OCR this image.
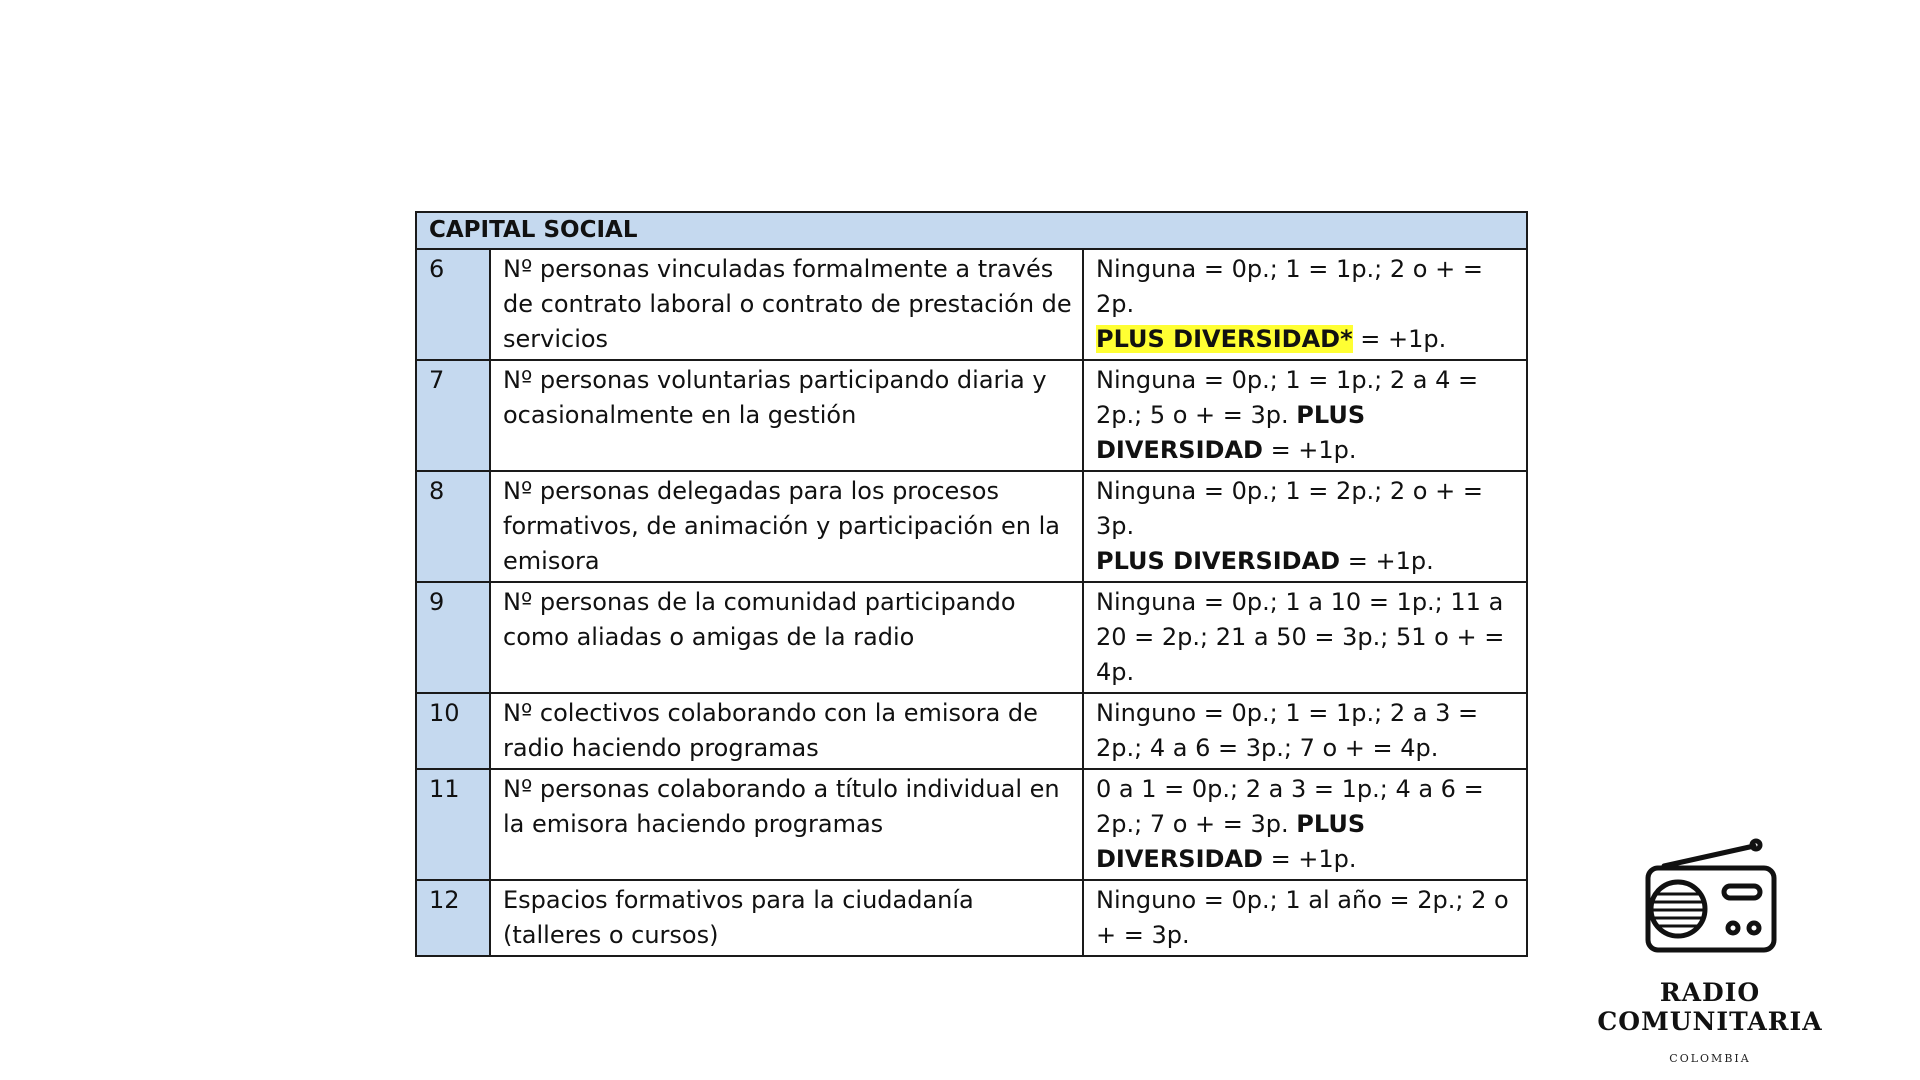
CAPITAL SOCIAL		
6	Nº personas vinculadas formalmente a través de contrato laboral o contrato de prestación de servicios	Ninguna = 0p.; 1 = 1p.; 2 o + = 2p.
PLUS DIVERSIDAD* = +1p.
7	Nº personas voluntarias participando diaria y ocasionalmente en la gestión	Ninguna = 0p.; 1 = 1p.; 2 a 4 = 2p.; 5 o + = 3p. PLUS DIVERSIDAD = +1p.
8	Nº personas delegadas para los procesos formativos, de animación y participación en la emisora	Ninguna = 0p.; 1 = 2p.; 2 o + = 3p.
PLUS DIVERSIDAD = +1p.
9	Nº personas de la comunidad participando como aliadas o amigas de la radio	Ninguna = 0p.; 1 a 10 = 1p.; 11 a 20 = 2p.; 21 a 50 = 3p.; 51 o + = 4p.
10	Nº colectivos colaborando con la emisora de radio haciendo programas	Ninguno = 0p.; 1 = 1p.; 2 a 3 = 2p.; 4 a 6 = 3p.; 7 o + = 4p.
11	Nº personas colaborando a título individual en la emisora haciendo programas	0 a 1 = 0p.; 2 a 3 = 1p.; 4 a 6 = 2p.; 7 o + = 3p. PLUS DIVERSIDAD = +1p.
12	Espacios formativos para la ciudadanía (talleres o cursos)	Ninguno = 0p.; 1 al año = 2p.; 2 o + = 3p.
RADIO COMUNITARIA
COLOMBIA
